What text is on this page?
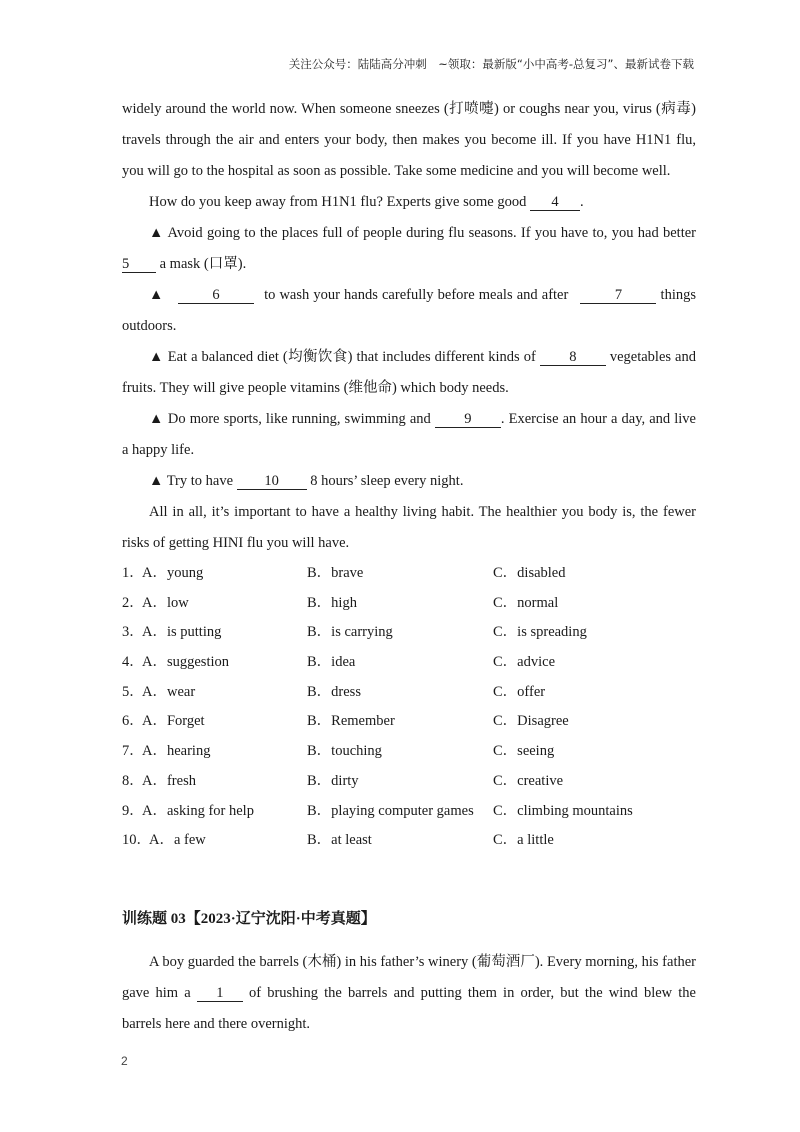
关注公众号：陆陆高分冲刺　~领取：最新版“小中高考-总复习”、最新试卷下载

widely around the world now. When someone sneezes (打喷嚏) or coughs near you, virus (病毒) travels through the air and enters your body, then makes you become ill. If you have H1N1 flu, you will go to the hospital as soon as possible. Take some medicine and you will become well.

How do you keep away from H1N1 flu? Experts give some good 4 .

▲ Avoid going to the places full of people during flu seasons. If you have to, you had better 5 a mask (口罩).

▲	6	to wash your hands carefully before meals and after	7 things outdoors.

▲ Eat a balanced diet (均衡饮食) that includes different kinds of 8 vegetables and fruits. They will give people vitamins (维他命) which body needs.

▲ Do more sports, like running, swimming and 9 . Exercise an hour a day, and live a happy life.

▲ Try to have 10 8 hours’ sleep every night.

All in all, it’s important to have a healthy living habit. The healthier you body is, the fewer risks of getting HINI flu you will have.

1．
A．young	B．brave	C．disabled
2．
A．low	B．high	C．normal
3．
A．is putting	B．is carrying	C．is spreading
4．
A．suggestion	B．idea	C．advice
5．
A．wear	B．dress	C．offer
6．
A．Forget	B．Remember	C．Disagree
7．
A．hearing	B．touching	C．seeing
8．
A．fresh	B．dirty	C．creative
9．
A．asking for help	B．playing computer games C．climbing mountains
10．
A．a few	B．at least	C．a little
训练题 03【2023·辽宁沈阳·中考真题】

A boy guarded the barrels (木桶) in his father’s winery (葡萄酒厂). Every morning, his father gave him a 1 of brushing the barrels and putting them in order, but the wind blew the barrels here and there overnight.

2
